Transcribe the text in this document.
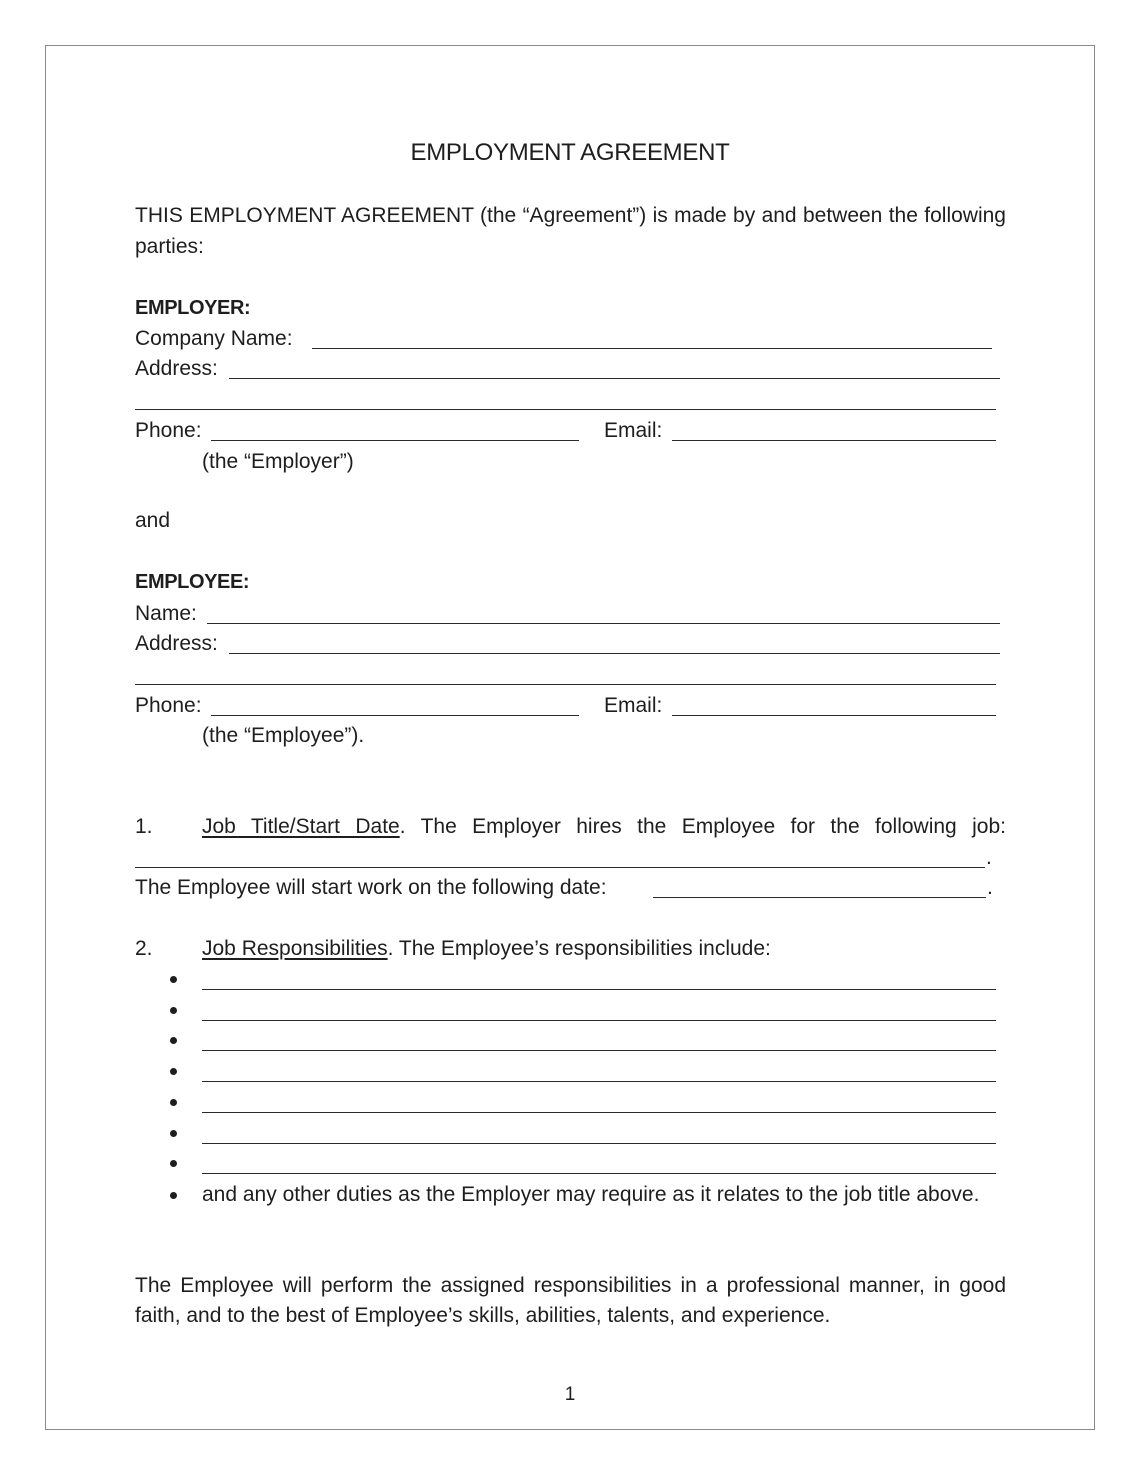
EMPLOYMENT AGREEMENT
THIS EMPLOYMENT AGREEMENT (the “Agreement”) is made by and between the following parties:
EMPLOYER:
Company Name:
Address:
Phone:	Email:
(the “Employer”)
and
EMPLOYEE:
Name:
Address:
Phone:	Email:
(the “Employee”).
1. Job Title/Start Date. The Employer hires the Employee for the following job:
.
The Employee will start work on the following date:	.
2. Job Responsibilities. The Employee’s responsibilities include:
and any other duties as the Employer may require as it relates to the job title above.
The Employee will perform the assigned responsibilities in a professional manner, in good faith, and to the best of Employee’s skills, abilities, talents, and experience.
1
